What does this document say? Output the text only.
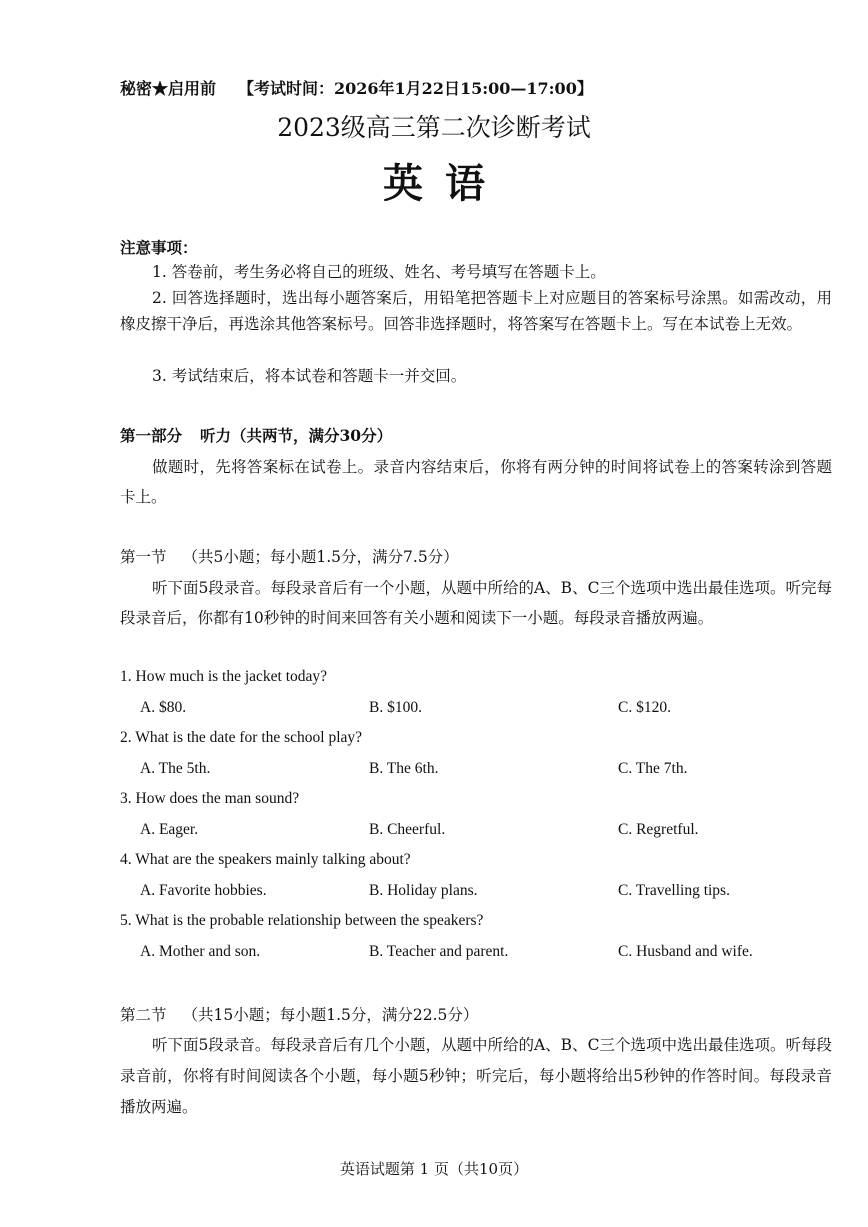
秘密★启用前 【考试时间：2026年1月22日15:00—17:00】
2023级高三第二次诊断考试
英语
注意事项：

1. 答卷前，考生务必将自己的班级、姓名、考号填写在答题卡上。

2. 回答选择题时，选出每小题答案后，用铅笔把答题卡上对应题目的答案标号涂黑。如需改动，用橡皮擦干净后，再选涂其他答案标号。回答非选择题时，将答案写在答题卡上。写在本试卷上无效。

3. 考试结束后，将本试卷和答题卡一并交回。

第一部分 听力（共两节，满分30分）

做题时，先将答案标在试卷上。录音内容结束后，你将有两分钟的时间将试卷上的答案转涂到答题卡上。

第一节 （共5小题；每小题1.5分，满分7.5分）

听下面5段录音。每段录音后有一个小题，从题中所给的A、B、C三个选项中选出最佳选项。听完每段录音后，你都有10秒钟的时间来回答有关小题和阅读下一小题。每段录音播放两遍。

1. How much is the jacket today?
A. $80.	B. $100.	C. $120.
2. What is the date for the school play?
A. The 5th.	B. The 6th.	C. The 7th.
3. How does the man sound?
A. Eager.	B. Cheerful.	C. Regretful.
4. What are the speakers mainly talking about?
A. Favorite hobbies.	B. Holiday plans.	C. Travelling tips.
5. What is the probable relationship between the speakers?
A. Mother and son.	B. Teacher and parent.	C. Husband and wife.
第二节 （共15小题；每小题1.5分，满分22.5分）

听下面5段录音。每段录音后有几个小题，从题中所给的A、B、C三个选项中选出最佳选项。听每段录音前，你将有时间阅读各个小题，每小题5秒钟；听完后，每小题将给出5秒钟的作答时间。每段录音播放两遍。

英语试题第 1 页（共10页）
